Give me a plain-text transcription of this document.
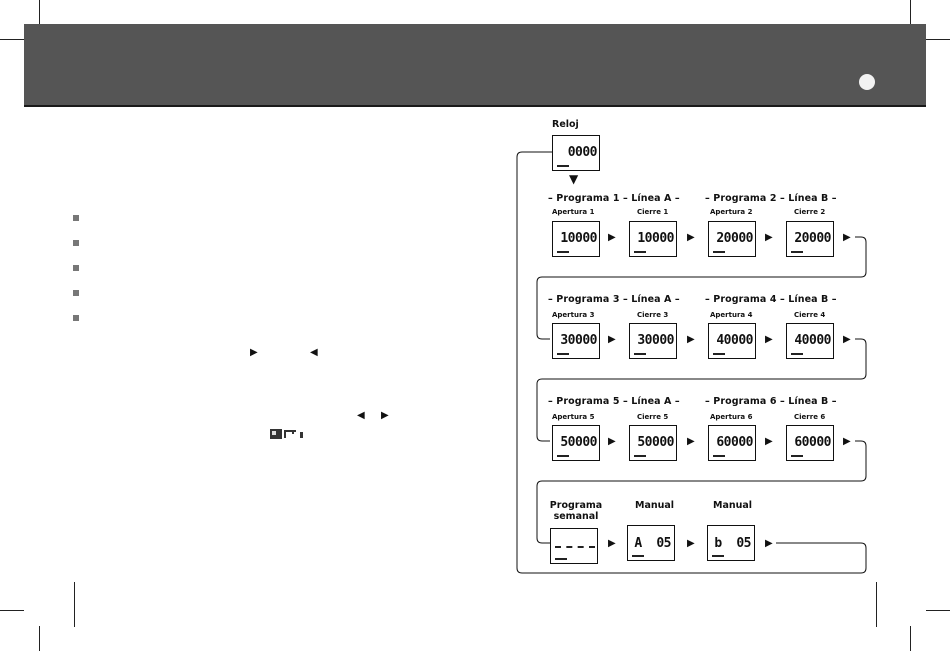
▶	◀
◀ ▶
Reloj
0000
▼
– Programa 1 – Línea A –	– Programa 2 – Línea B –
Apertura 1	Cierre 1	Apertura 2	Cierre 2
10000	10000	20000	20000
▶	▶	▶	▶
– Programa 3 – Línea A –	– Programa 4 – Línea B –
Apertura 3	Cierre 3	Apertura 4	Cierre 4
30000	30000	40000	40000
▶	▶	▶	▶
– Programa 5 – Línea A –	– Programa 6 – Línea B –
Apertura 5	Cierre 5	Apertura 6	Cierre 6
50000	50000	60000	60000
▶	▶	▶	▶
Programa
semanal
Manual	Manual
A  05	b  05
▶	▶	▶
